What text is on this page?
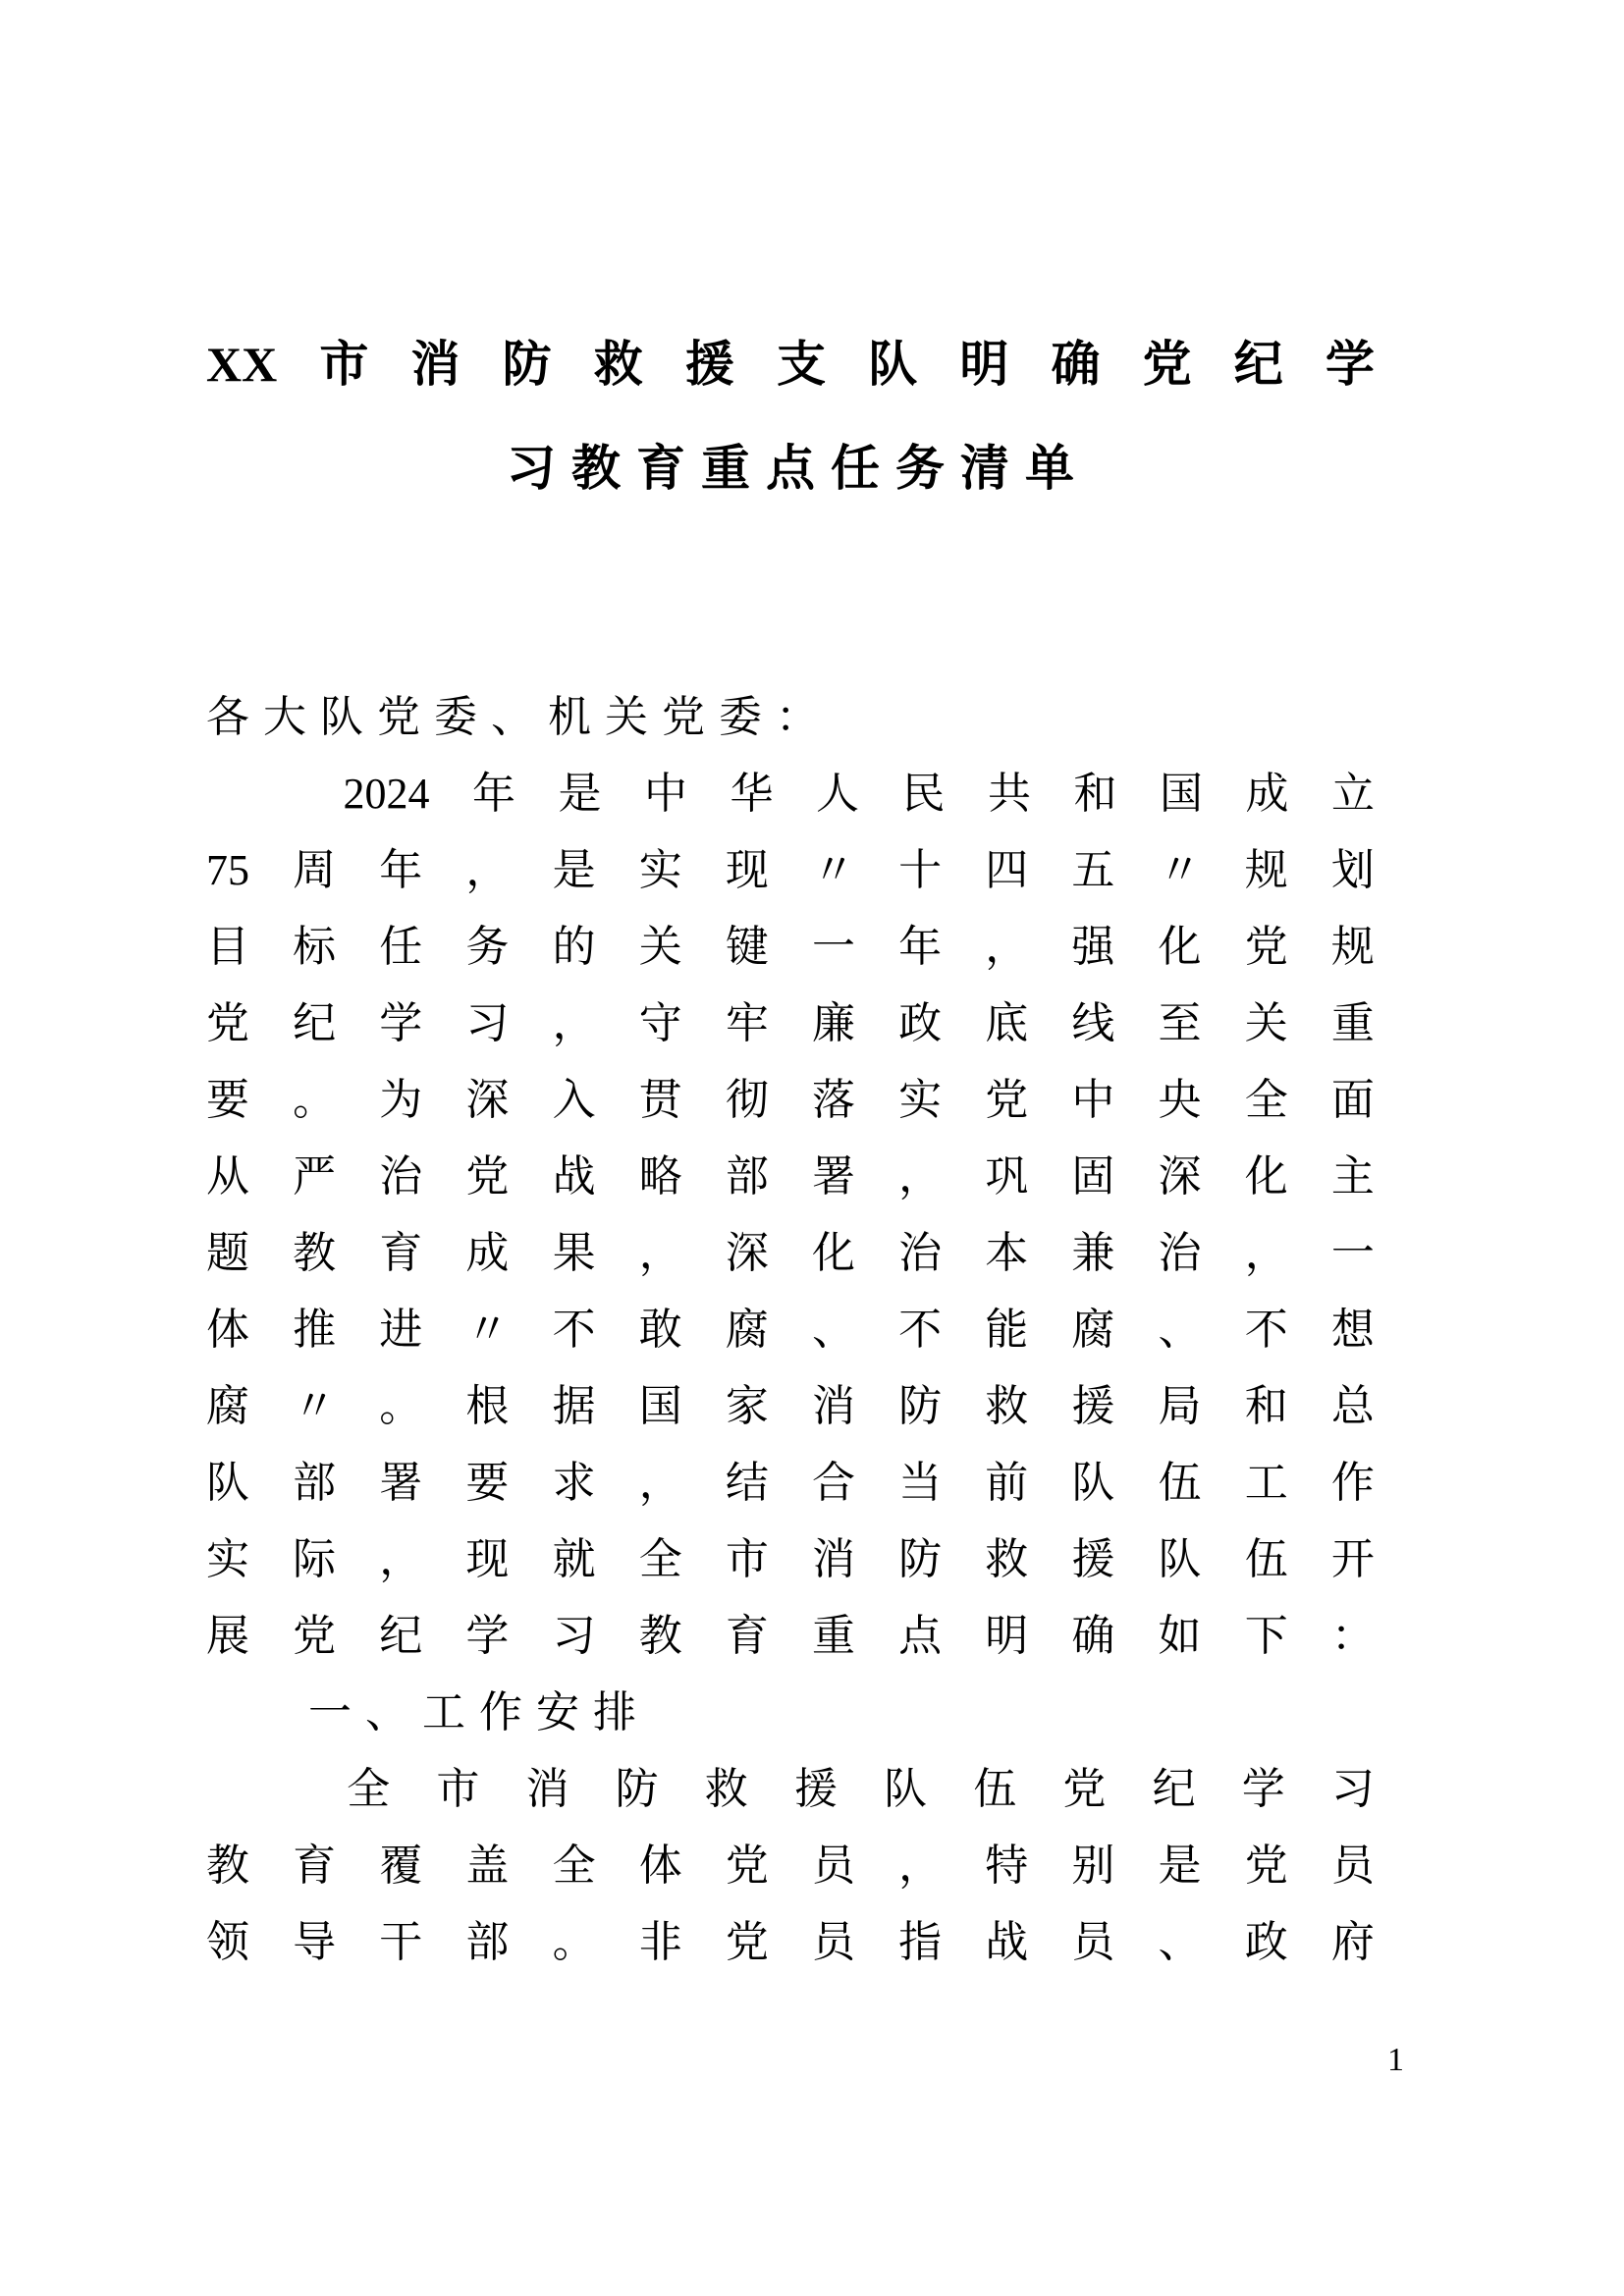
XX 市 消 防 救 援 支 队 明 确 党 纪 学
习教育重点任务清单
各大队党委、机关党委：
2024 年 是 中 华 人 民 共 和 国 成 立
75 周 年 ， 是 实 现 〃 十 四 五 〃 规 划
目 标 任 务 的 关 键 一 年 ， 强 化 党 规
党 纪 学 习 ， 守 牢 廉 政 底 线 至 关 重
要 。 为 深 入 贯 彻 落 实 党 中 央 全 面
从 严 治 党 战 略 部 署 ， 巩 固 深 化 主
题 教 育 成 果 ， 深 化 治 本 兼 治 ， 一
体 推 进 〃 不 敢 腐 、 不 能 腐 、 不 想
腐 〃 。 根 据 国 家 消 防 救 援 局 和 总
队 部 署 要 求 ， 结 合 当 前 队 伍 工 作
实 际 ， 现 就 全 市 消 防 救 援 队 伍 开
展 党 纪 学 习 教 育 重 点 明 确 如 下 ：
一、工作安排
全 市 消 防 救 援 队 伍 党 纪 学 习
教 育 覆 盖 全 体 党 员 ， 特 别 是 党 员
领 导 干 部 。 非 党 员 指 战 员 、 政 府
1
